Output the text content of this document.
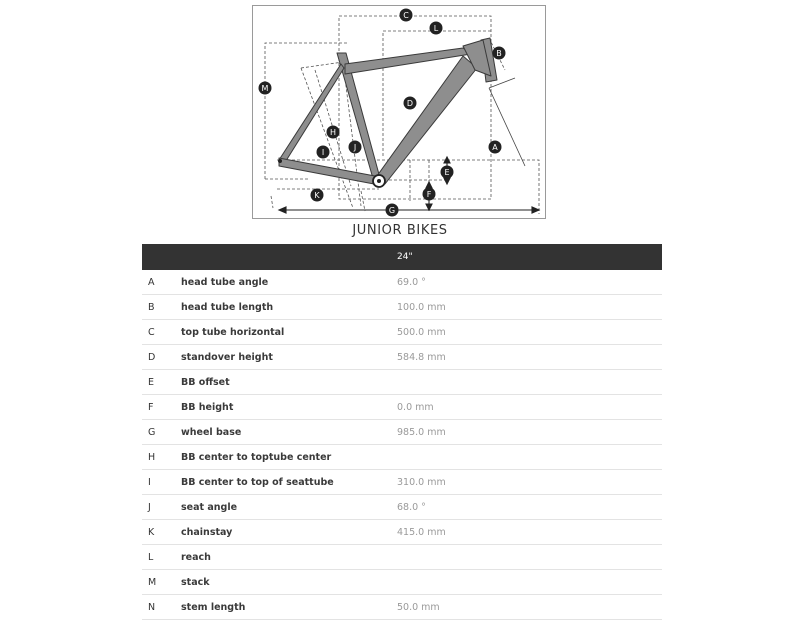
C
L
B
M
D
H
A
I
J
E
F
K
G
JUNIOR BIKES
		24"
A	head tube angle	69.0 °
B	head tube length	100.0 mm
C	top tube horizontal	500.0 mm
D	standover height	584.8 mm
E	BB offset	
F	BB height	0.0 mm
G	wheel base	985.0 mm
H	BB center to toptube center	
I	BB center to top of seattube	310.0 mm
J	seat angle	68.0 °
K	chainstay	415.0 mm
L	reach	
M	stack	
N	stem length	50.0 mm
